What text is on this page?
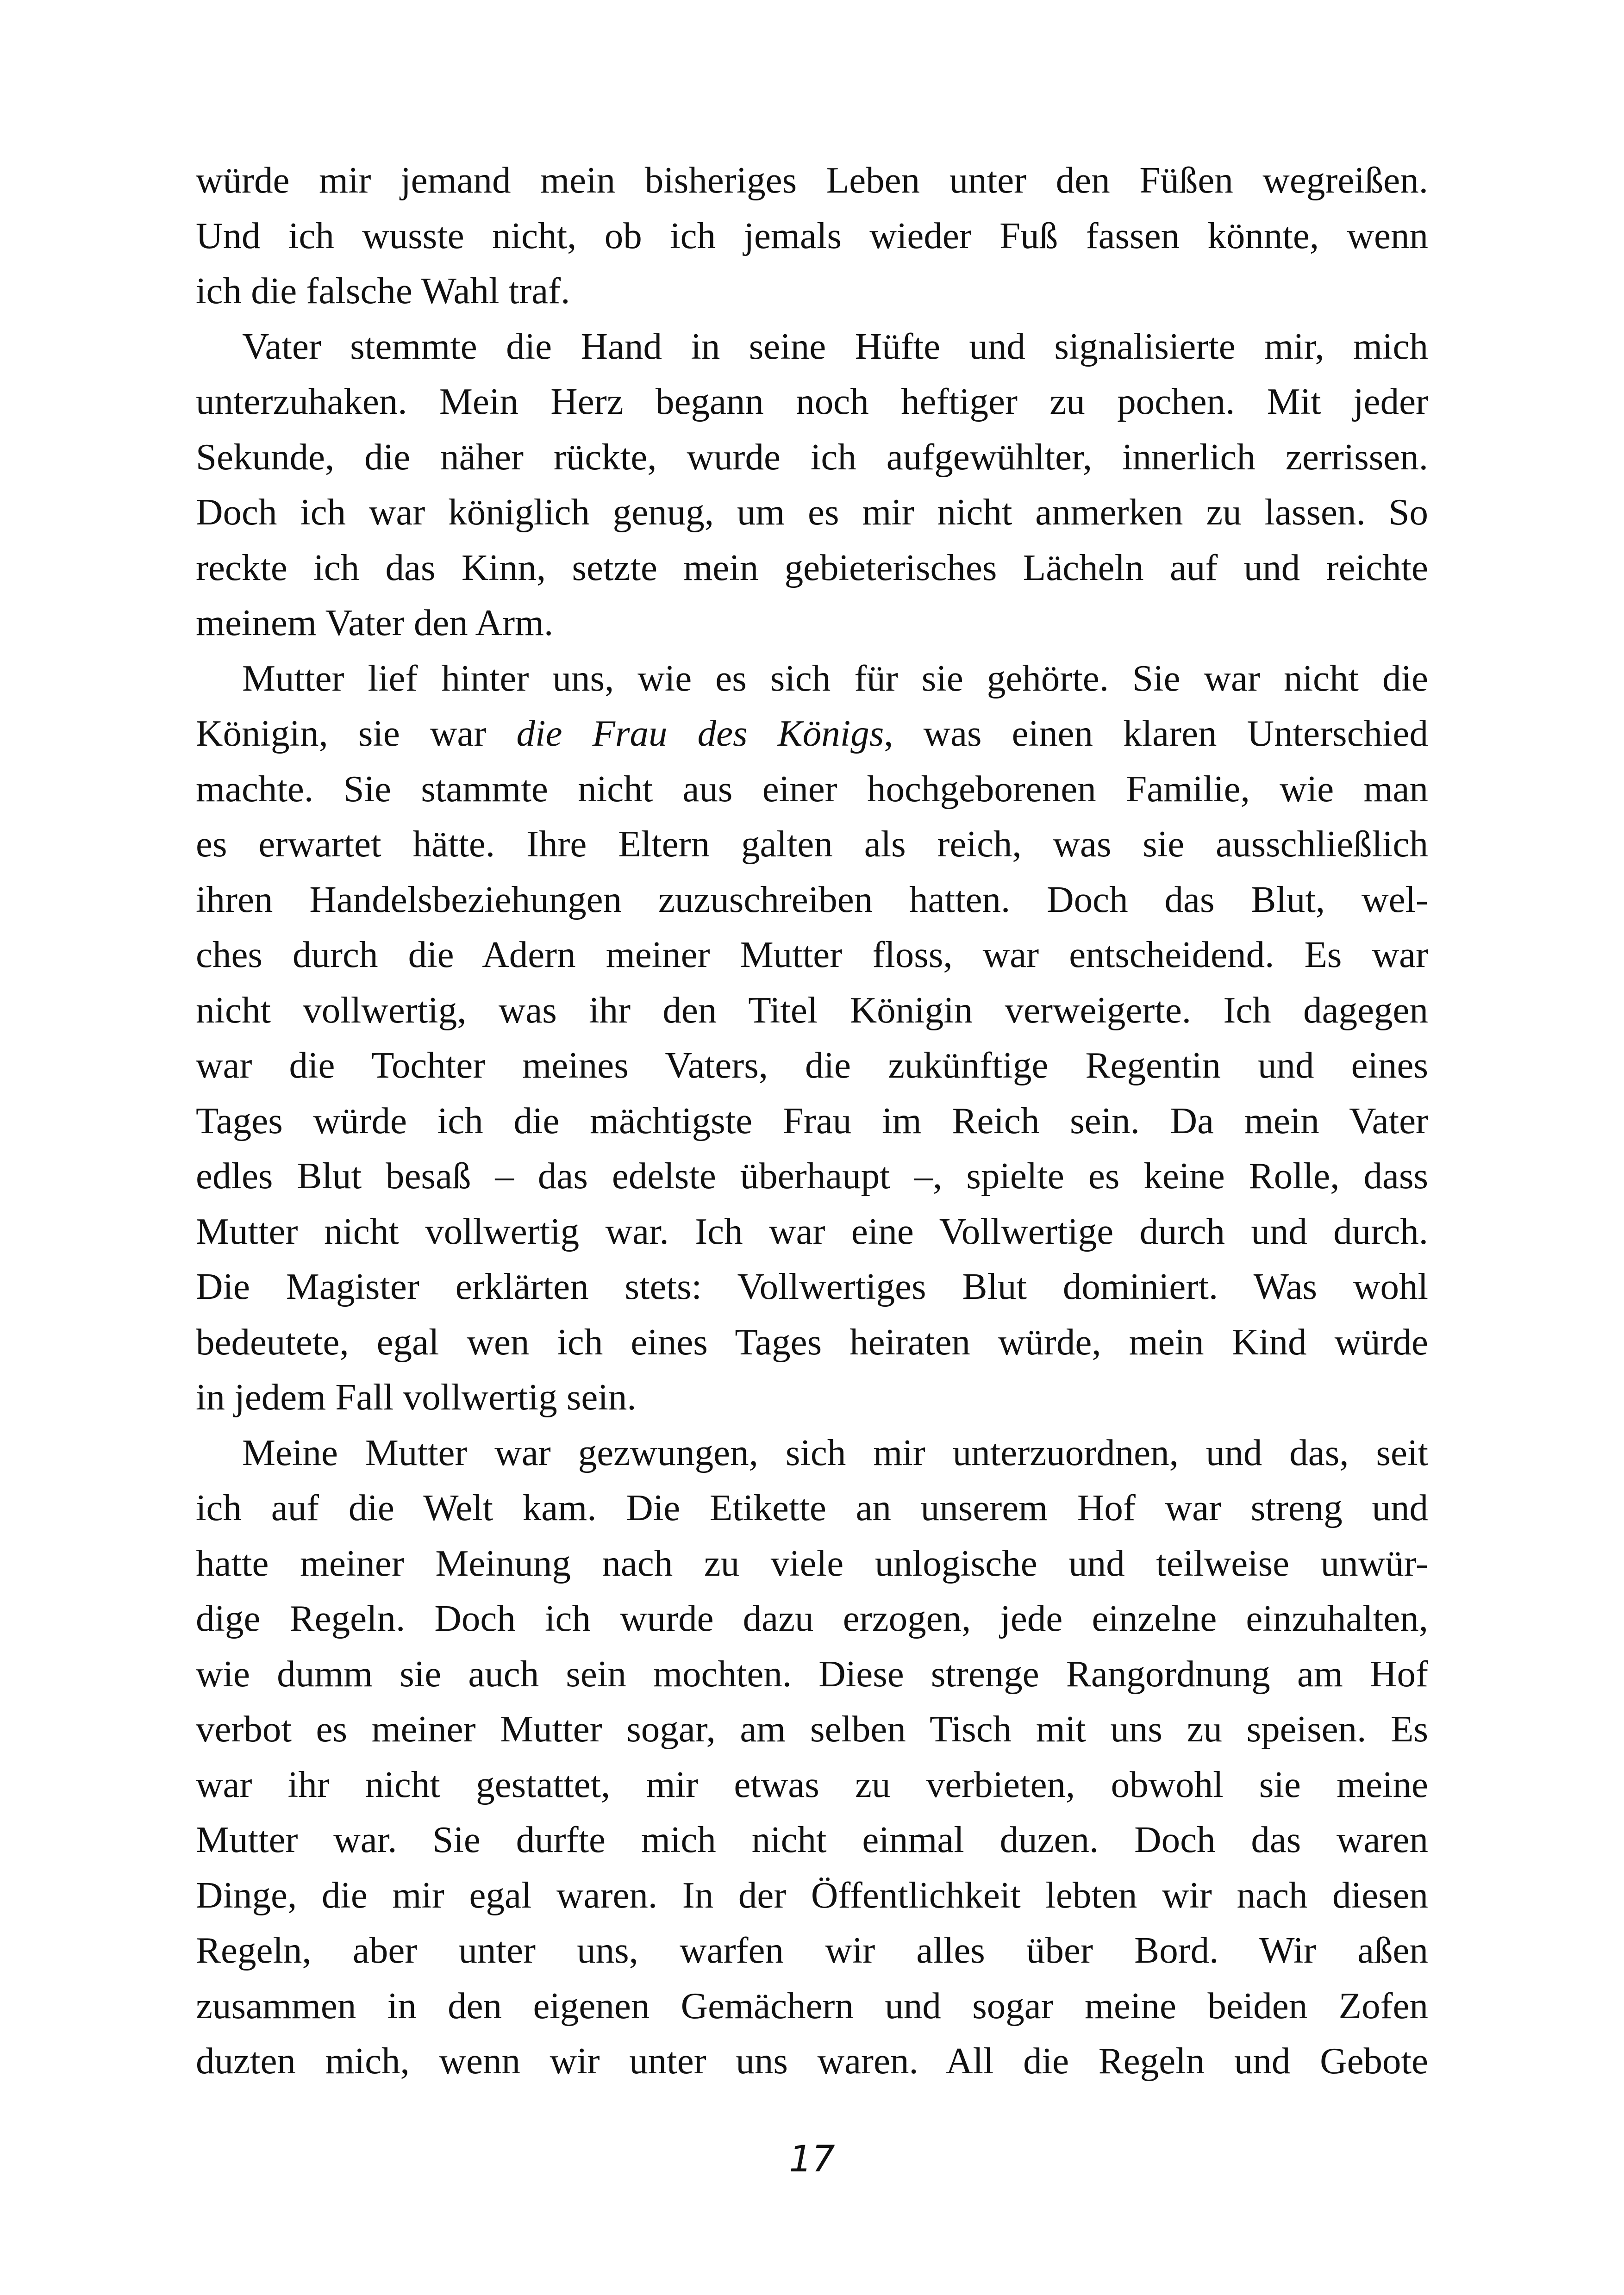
würde mir jemand mein bisheriges Leben unter den Füßen wegreißen.
Und ich wusste nicht, ob ich jemals wieder Fuß fassen könnte, wenn
ich die falsche Wahl traf.
Vater stemmte die Hand in seine Hüfte und signalisierte mir, mich
unterzuhaken. Mein Herz begann noch heftiger zu pochen. Mit jeder
Sekunde, die näher rückte, wurde ich aufgewühlter, innerlich zerrissen.
Doch ich war königlich genug, um es mir nicht anmerken zu lassen. So
reckte ich das Kinn, setzte mein gebieterisches Lächeln auf und reichte
meinem Vater den Arm.
Mutter lief hinter uns, wie es sich für sie gehörte. Sie war nicht die
Königin, sie war die Frau des Königs, was einen klaren Unterschied
machte. Sie stammte nicht aus einer hochgeborenen Familie, wie man
es erwartet hätte. Ihre Eltern galten als reich, was sie ausschließlich
ihren Handelsbeziehungen zuzuschreiben hatten. Doch das Blut, wel-
ches durch die Adern meiner Mutter floss, war entscheidend. Es war
nicht vollwertig, was ihr den Titel Königin verweigerte. Ich dagegen
war die Tochter meines Vaters, die zukünftige Regentin und eines
Tages würde ich die mächtigste Frau im Reich sein. Da mein Vater
edles Blut besaß – das edelste überhaupt –, spielte es keine Rolle, dass
Mutter nicht vollwertig war. Ich war eine Vollwertige durch und durch.
Die Magister erklärten stets: Vollwertiges Blut dominiert. Was wohl
bedeutete, egal wen ich eines Tages heiraten würde, mein Kind würde
in jedem Fall vollwertig sein.
Meine Mutter war gezwungen, sich mir unterzuordnen, und das, seit
ich auf die Welt kam. Die Etikette an unserem Hof war streng und
hatte meiner Meinung nach zu viele unlogische und teilweise unwür-
dige Regeln. Doch ich wurde dazu erzogen, jede einzelne einzuhalten,
wie dumm sie auch sein mochten. Diese strenge Rangordnung am Hof
verbot es meiner Mutter sogar, am selben Tisch mit uns zu speisen. Es
war ihr nicht gestattet, mir etwas zu verbieten, obwohl sie meine
Mutter war. Sie durfte mich nicht einmal duzen. Doch das waren
Dinge, die mir egal waren. In der Öffentlichkeit lebten wir nach diesen
Regeln, aber unter uns, warfen wir alles über Bord. Wir aßen
zusammen in den eigenen Gemächern und sogar meine beiden Zofen
duzten mich, wenn wir unter uns waren. All die Regeln und Gebote
17
